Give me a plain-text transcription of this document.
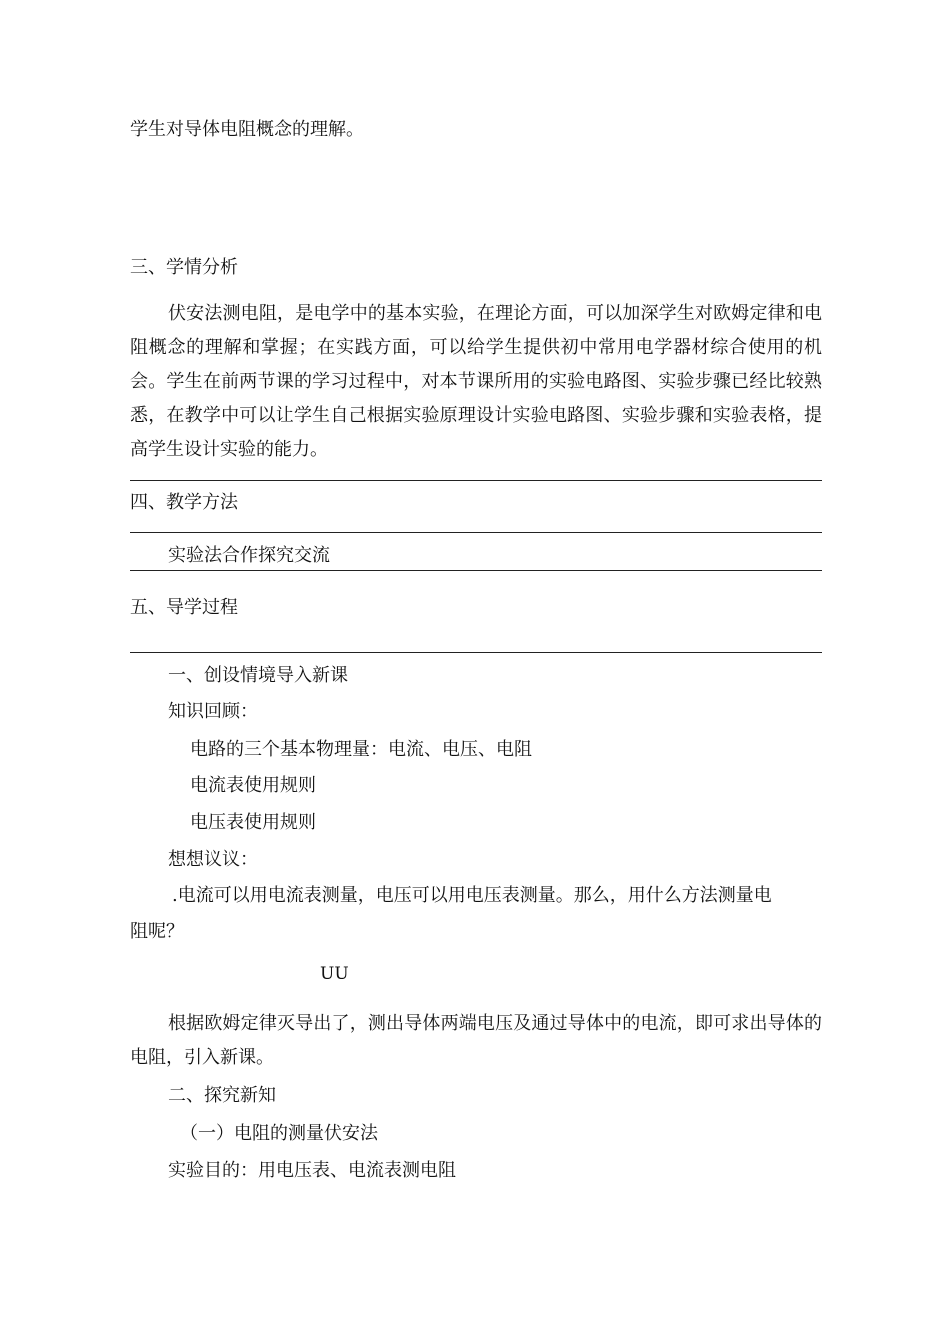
学生对导体电阻概念的理解。
三、学情分析
伏安法测电阻，是电学中的基本实验，在理论方面，可以加深学生对欧姆定律和电阻概念的理解和掌握；在实践方面，可以给学生提供初中常用电学器材综合使用的机会。学生在前两节课的学习过程中，对本节课所用的实验电路图、实验步骤已经比较熟悉，在教学中可以让学生自己根据实验原理设计实验电路图、实验步骤和实验表格，提高学生设计实验的能力。
四、教学方法
实验法合作探究交流
五、导学过程
一、创设情境导入新课
知识回顾：
电路的三个基本物理量：电流、电压、电阻
电流表使用规则
电压表使用规则
想想议议：
.电流可以用电流表测量，电压可以用电压表测量。那么，用什么方法测量电
阻呢？
UU
根据欧姆定律灭导出了，测出导体两端电压及通过导体中的电流，即可求出导体的电阻，引入新课。
二、探究新知
（一）电阻的测量伏安法
实验目的：用电压表、电流表测电阻
